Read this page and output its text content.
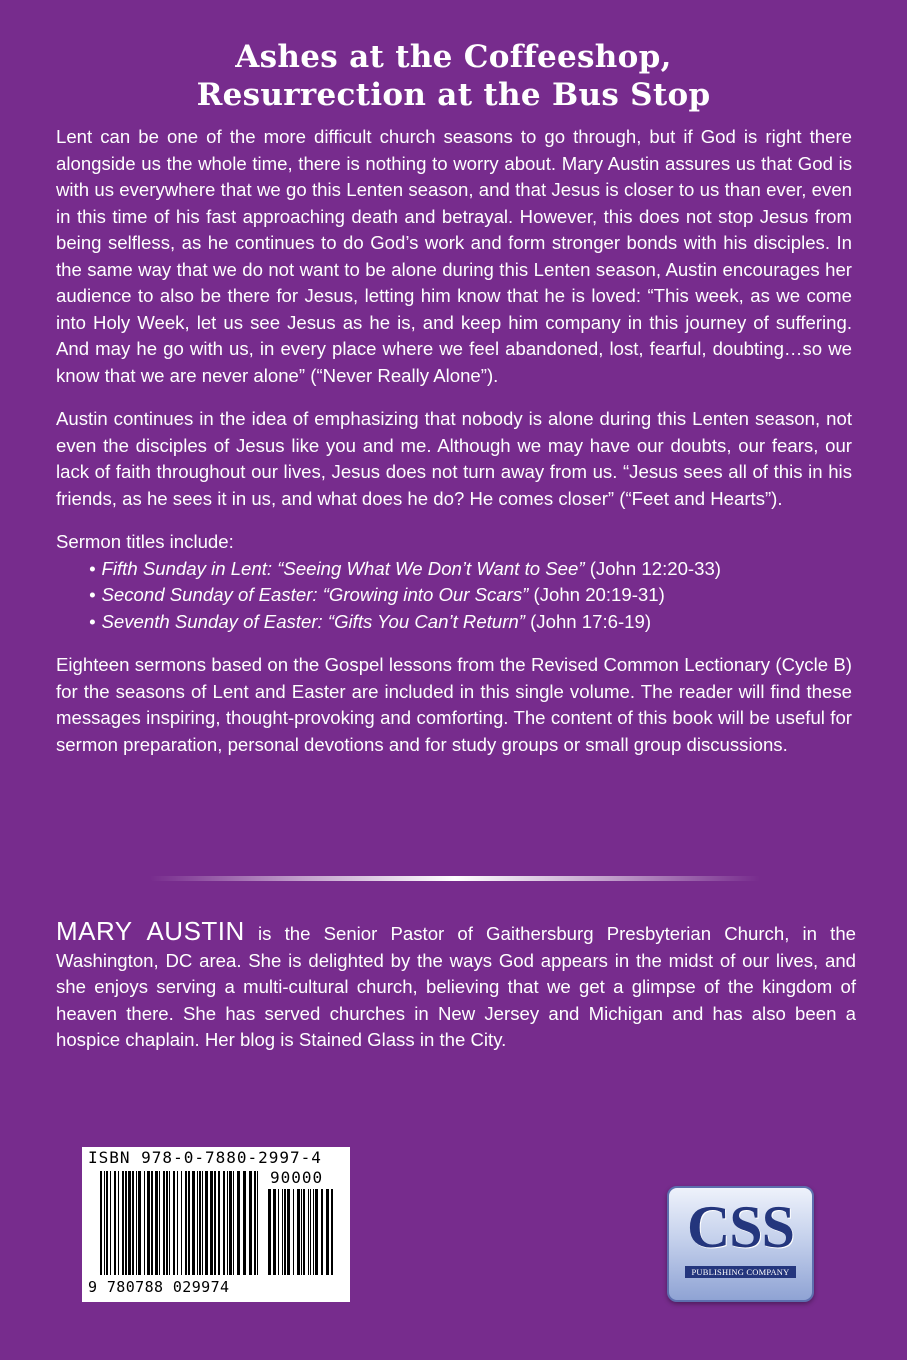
Ashes at the Coffeeshop,
Resurrection at the Bus Stop

Lent can be one of the more difficult church seasons to go through, but if God is right there alongside us the whole time, there is nothing to worry about. Mary Austin assures us that God is with us everywhere that we go this Lenten season, and that Jesus is closer to us than ever, even in this time of his fast approaching death and betrayal. However, this does not stop Jesus from being selfless, as he continues to do God’s work and form stronger bonds with his disciples. In the same way that we do not want to be alone during this Lenten season, Austin encourages her audience to also be there for Jesus, letting him know that he is loved: “This week, as we come into Holy Week, let us see Jesus as he is, and keep him company in this journey of suffering. And may he go with us, in every place where we feel abandoned, lost, fearful, doubting…so we know that we are never alone” (“Never Really Alone”).

Austin continues in the idea of emphasizing that nobody is alone during this Lenten season, not even the disciples of Jesus like you and me. Although we may have our doubts, our fears, our lack of faith throughout our lives, Jesus does not turn away from us. “Jesus sees all of this in his friends, as he sees it in us, and what does he do? He comes closer” (“Feet and Hearts”).

Sermon titles include:
• Fifth Sunday in Lent: “Seeing What We Don’t Want to See” (John 12:20-33)
• Second Sunday of Easter: “Growing into Our Scars” (John 20:19-31)
• Seventh Sunday of Easter: “Gifts You Can’t Return” (John 17:6-19)

Eighteen sermons based on the Gospel lessons from the Revised Common Lectionary (Cycle B) for the seasons of Lent and Easter are included in this single volume. The reader will find these messages inspiring, thought-provoking and comforting. The content of this book will be useful for sermon preparation, personal devotions and for study groups or small group discussions.

MARY AUSTIN is the Senior Pastor of Gaithersburg Presbyterian Church, in the Washington, DC area. She is delighted by the ways God appears in the midst of our lives, and she enjoys serving a multi-cultural church, believing that we get a glimpse of the kingdom of heaven there. She has served churches in New Jersey and Michigan and has also been a hospice chaplain. Her blog is Stained Glass in the City.
ISBN 978-0-7880-2997-4
90000
9 780788 029974
CSS
PUBLISHING COMPANY
